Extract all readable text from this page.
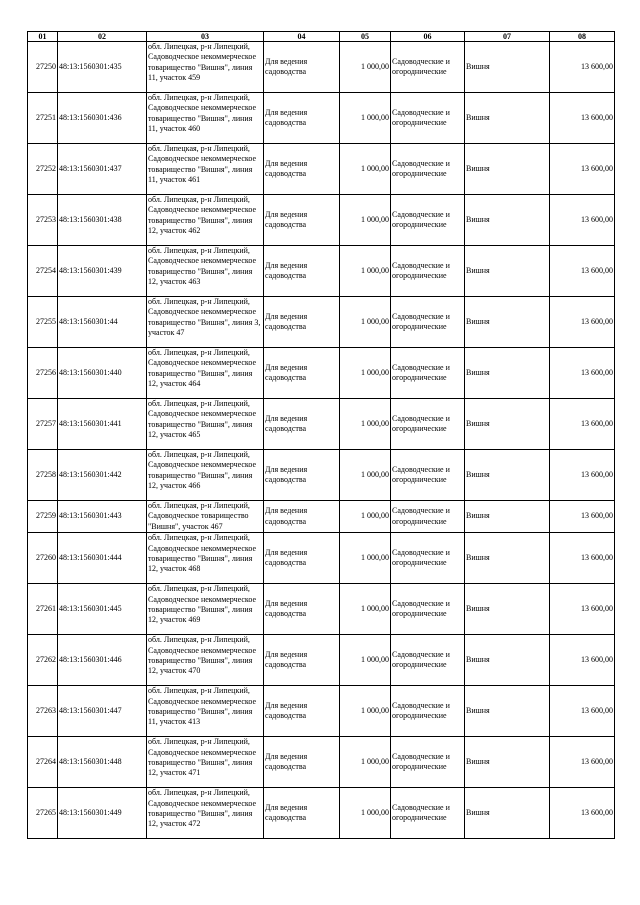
01	02	03	04	05	06	07	08
27250	48:13:1560301:435	обл. Липецкая, р-н Липецкий, Садоводческое некоммерческое товарищество "Вишня", линия 11, участок 459	Для ведения садоводства	1 000,00	Садоводческие и огороднические	Вишня	13 600,00
27251	48:13:1560301:436	обл. Липецкая, р-н Липецкий, Садоводческое некоммерческое товарищество "Вишня", линия 11, участок 460	Для ведения садоводства	1 000,00	Садоводческие и огороднические	Вишня	13 600,00
27252	48:13:1560301:437	обл. Липецкая, р-н Липецкий, Садоводческое некоммерческое товарищество "Вишня", линия 11, участок 461	Для ведения садоводства	1 000,00	Садоводческие и огороднические	Вишня	13 600,00
27253	48:13:1560301:438	обл. Липецкая, р-н Липецкий, Садоводческое некоммерческое товарищество "Вишня", линия 12, участок 462	Для ведения садоводства	1 000,00	Садоводческие и огороднические	Вишня	13 600,00
27254	48:13:1560301:439	обл. Липецкая, р-н Липецкий, Садоводческое некоммерческое товарищество "Вишня", линия 12, участок 463	Для ведения садоводства	1 000,00	Садоводческие и огороднические	Вишня	13 600,00
27255	48:13:1560301:44	обл. Липецкая, р-н Липецкий, Садоводческое некоммерческое товарищество "Вишня", линия 3, участок 47	Для ведения садоводства	1 000,00	Садоводческие и огороднические	Вишня	13 600,00
27256	48:13:1560301:440	обл. Липецкая, р-н Липецкий, Садоводческое некоммерческое товарищество "Вишня", линия 12, участок 464	Для ведения садоводства	1 000,00	Садоводческие и огороднические	Вишня	13 600,00
27257	48:13:1560301:441	обл. Липецкая, р-н Липецкий, Садоводческое некоммерческое товарищество "Вишня", линия 12, участок 465	Для ведения садоводства	1 000,00	Садоводческие и огороднические	Вишня	13 600,00
27258	48:13:1560301:442	обл. Липецкая, р-н Липецкий, Садоводческое некоммерческое товарищество "Вишня", линия 12, участок 466	Для ведения садоводства	1 000,00	Садоводческие и огороднические	Вишня	13 600,00
27259	48:13:1560301:443	обл. Липецкая, р-н Липецкий, Садоводческое товарищество "Вишня", участок 467	Для ведения садоводства	1 000,00	Садоводческие и огороднические	Вишня	13 600,00
27260	48:13:1560301:444	обл. Липецкая, р-н Липецкий, Садоводческое некоммерческое товарищество "Вишня", линия 12, участок 468	Для ведения садоводства	1 000,00	Садоводческие и огороднические	Вишня	13 600,00
27261	48:13:1560301:445	обл. Липецкая, р-н Липецкий, Садоводческое некоммерческое товарищество "Вишня", линия 12, участок 469	Для ведения садоводства	1 000,00	Садоводческие и огороднические	Вишня	13 600,00
27262	48:13:1560301:446	обл. Липецкая, р-н Липецкий, Садоводческое некоммерческое товарищество "Вишня", линия 12, участок 470	Для ведения садоводства	1 000,00	Садоводческие и огороднические	Вишня	13 600,00
27263	48:13:1560301:447	обл. Липецкая, р-н Липецкий, Садоводческое некоммерческое товарищество "Вишня", линия 11, участок 413	Для ведения садоводства	1 000,00	Садоводческие и огороднические	Вишня	13 600,00
27264	48:13:1560301:448	обл. Липецкая, р-н Липецкий, Садоводческое некоммерческое товарищество "Вишня", линия 12, участок 471	Для ведения садоводства	1 000,00	Садоводческие и огороднические	Вишня	13 600,00
27265	48:13:1560301:449	обл. Липецкая, р-н Липецкий, Садоводческое некоммерческое товарищество "Вишня", линия 12, участок 472	Для ведения садоводства	1 000,00	Садоводческие и огороднические	Вишня	13 600,00
